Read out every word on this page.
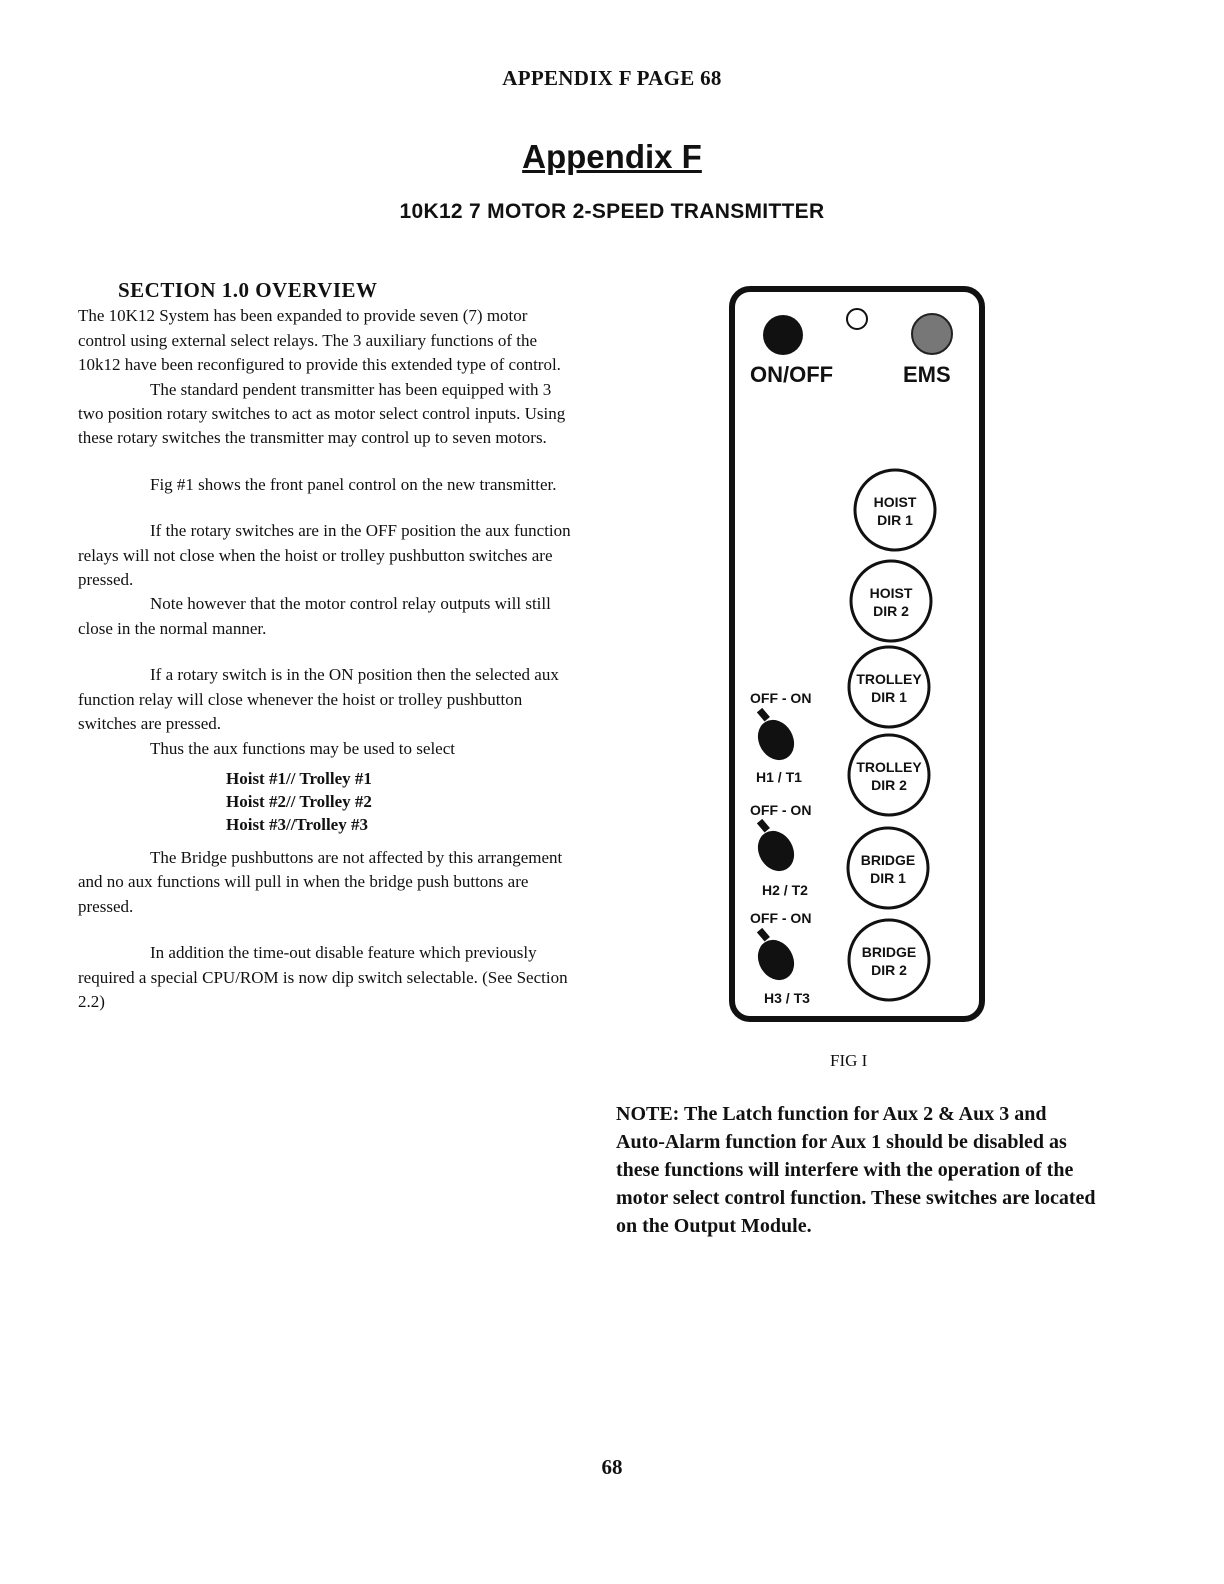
APPENDIX F PAGE 68
Appendix F
10K12 7 MOTOR 2-SPEED TRANSMITTER
SECTION 1.0 OVERVIEW

The 10K12 System has been expanded to provide seven (7) motor control using external select relays. The 3 auxiliary functions of the 10k12 have been reconfigured to provide this extended type of control.

The standard pendent transmitter has been equipped with 3 two position rotary switches to act as motor select control inputs. Using these rotary switches the transmitter may control up to seven motors.

Fig #1 shows the front panel control on the new transmitter.

If the rotary switches are in the OFF position the aux function relays will not close when the hoist or trolley pushbutton switches are pressed.

Note however that the motor control relay outputs will still close in the normal manner.

If a rotary switch is in the ON position then the selected aux function relay will close whenever the hoist or trolley pushbutton switches are pressed.

Thus the aux functions may be used to select

Hoist #1// Trolley #1
Hoist #2// Trolley #2
Hoist #3//Trolley #3

The Bridge pushbuttons are not affected by this arrangement and no aux functions will pull in when the bridge push buttons are pressed.

In addition the time-out disable feature which previously required a special CPU/ROM is now dip switch selectable. (See Section 2.2)

ON/OFF	EMS
HOIST
DIR 1
HOIST
DIR 2
TROLLEY
DIR 1
TROLLEY
DIR 2
BRIDGE
DIR 1
BRIDGE
DIR 2
OFF - ON
H1 / T1
OFF - ON
H2 / T2
OFF - ON
H3 / T3
FIG I
NOTE: The Latch function for Aux 2 & Aux 3 and Auto-Alarm function for Aux 1 should be disabled as these functions will interfere with the operation of the motor select control function. These switches are located on the Output Module.
68
